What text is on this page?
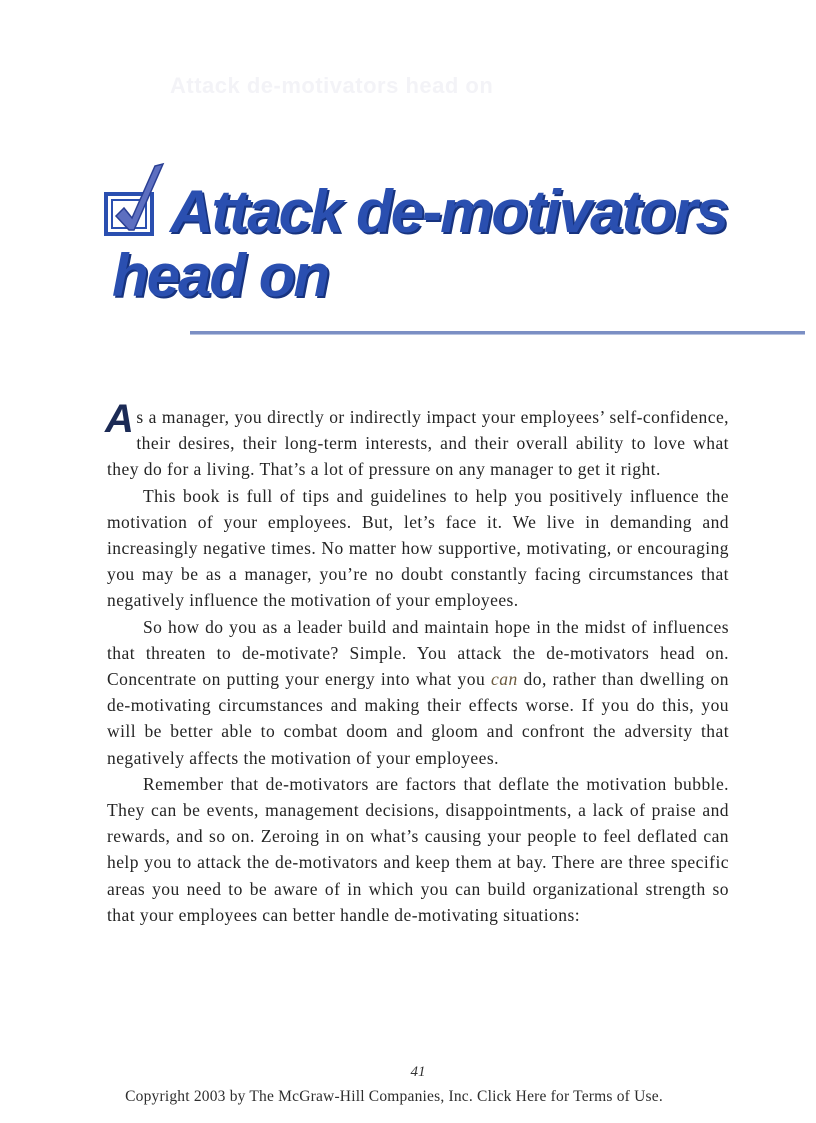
Attack de-motivators head on
Attack de-motivators
head on

As a manager, you directly or indirectly impact your employees’ self-confidence, their desires, their long-term interests, and their overall ability to love what they do for a living. That’s a lot of pressure on any manager to get it right.

This book is full of tips and guidelines to help you positively influence the motivation of your employees. But, let’s face it. We live in demanding and increasingly negative times. No matter how supportive, motivating, or encouraging you may be as a manager, you’re no doubt constantly facing circumstances that negatively influence the motivation of your employees.

So how do you as a leader build and maintain hope in the midst of influences that threaten to de-motivate? Simple. You attack the de-motivators head on. Concentrate on putting your energy into what you can do, rather than dwelling on de-motivating circumstances and making their effects worse. If you do this, you will be better able to combat doom and gloom and confront the adversity that negatively affects the motivation of your employees.

Remember that de-motivators are factors that deflate the motivation bubble. They can be events, management decisions, disappointments, a lack of praise and rewards, and so on. Zeroing in on what’s causing your people to feel deflated can help you to attack the de-motivators and keep them at bay. There are three specific areas you need to be aware of in which you can build organizational strength so that your employees can better handle de-motivating situations:

41
Copyright 2003 by The McGraw-Hill Companies, Inc. Click Here for Terms of Use.
